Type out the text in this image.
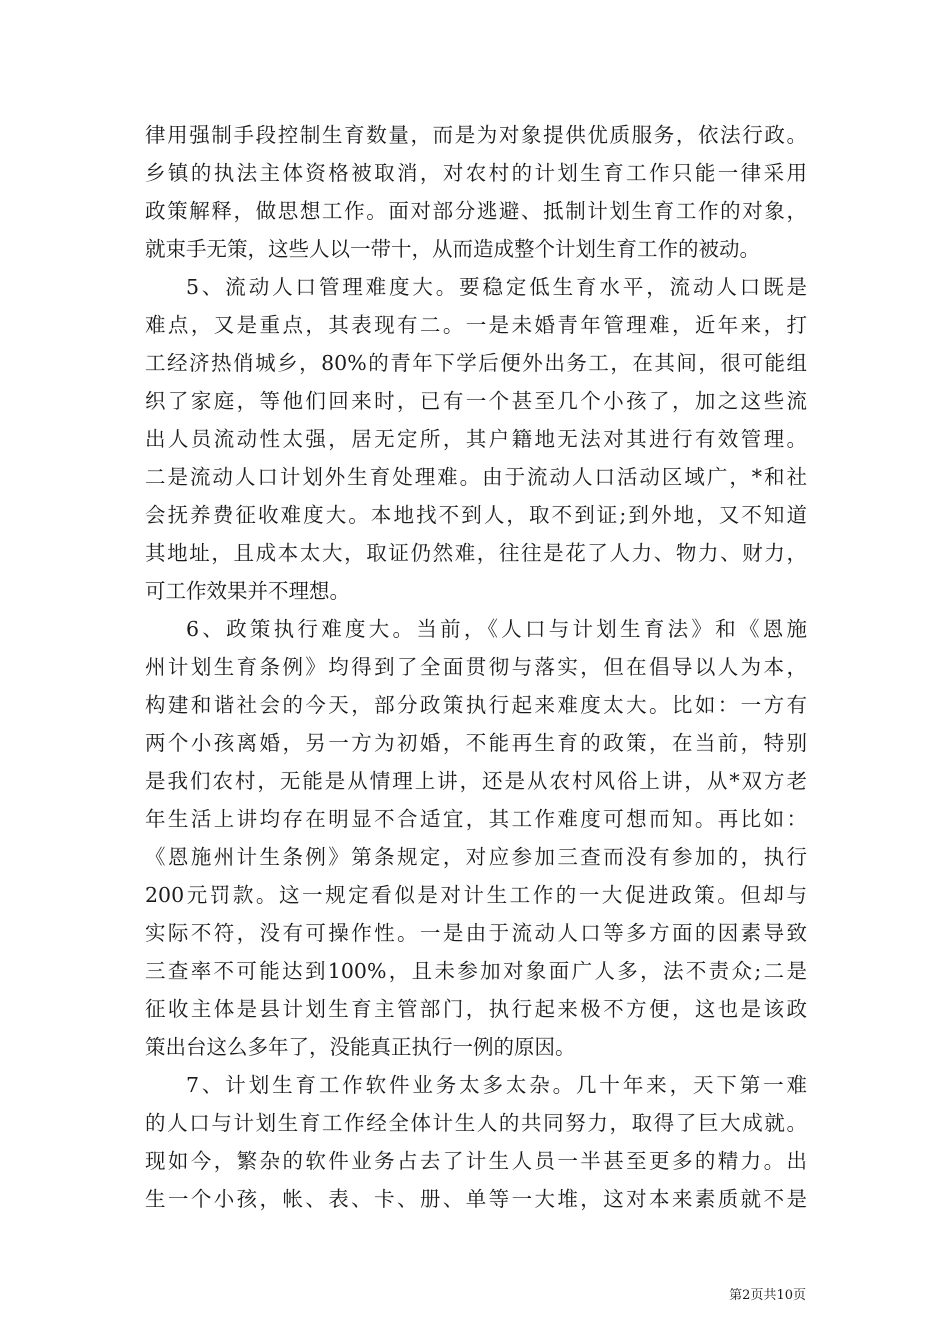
律用强制手段控制生育数量，而是为对象提供优质服务，依法行政。
乡镇的执法主体资格被取消，对农村的计划生育工作只能一律采用
政策解释，做思想工作。面对部分逃避、抵制计划生育工作的对象，
就束手无策，这些人以一带十，从而造成整个计划生育工作的被动。
5、流动人口管理难度大。要稳定低生育水平，流动人口既是
难点，又是重点，其表现有二。一是未婚青年管理难，近年来，打
工经济热俏城乡，80%的青年下学后便外出务工，在其间，很可能组
织了家庭，等他们回来时，已有一个甚至几个小孩了，加之这些流
出人员流动性太强，居无定所，其户籍地无法对其进行有效管理。
二是流动人口计划外生育处理难。由于流动人口活动区域广，*和社
会抚养费征收难度大。本地找不到人，取不到证;到外地，又不知道
其地址，且成本太大，取证仍然难，往往是花了人力、物力、财力，
可工作效果并不理想。
6、政策执行难度大。当前，《人口与计划生育法》和《恩施
州计划生育条例》均得到了全面贯彻与落实，但在倡导以人为本，
构建和谐社会的今天，部分政策执行起来难度太大。比如：一方有
两个小孩离婚，另一方为初婚，不能再生育的政策，在当前，特别
是我们农村，无能是从情理上讲，还是从农村风俗上讲，从*双方老
年生活上讲均存在明显不合适宜，其工作难度可想而知。再比如：
《恩施州计生条例》第条规定，对应参加三查而没有参加的，执行
200元罚款。这一规定看似是对计生工作的一大促进政策。但却与
实际不符，没有可操作性。一是由于流动人口等多方面的因素导致
三查率不可能达到100%，且未参加对象面广人多，法不责众;二是
征收主体是县计划生育主管部门，执行起来极不方便，这也是该政
策出台这么多年了，没能真正执行一例的原因。
7、计划生育工作软件业务太多太杂。几十年来，天下第一难
的人口与计划生育工作经全体计生人的共同努力，取得了巨大成就。
现如今，繁杂的软件业务占去了计生人员一半甚至更多的精力。出
生一个小孩，帐、表、卡、册、单等一大堆，这对本来素质就不是
第2页共10页
